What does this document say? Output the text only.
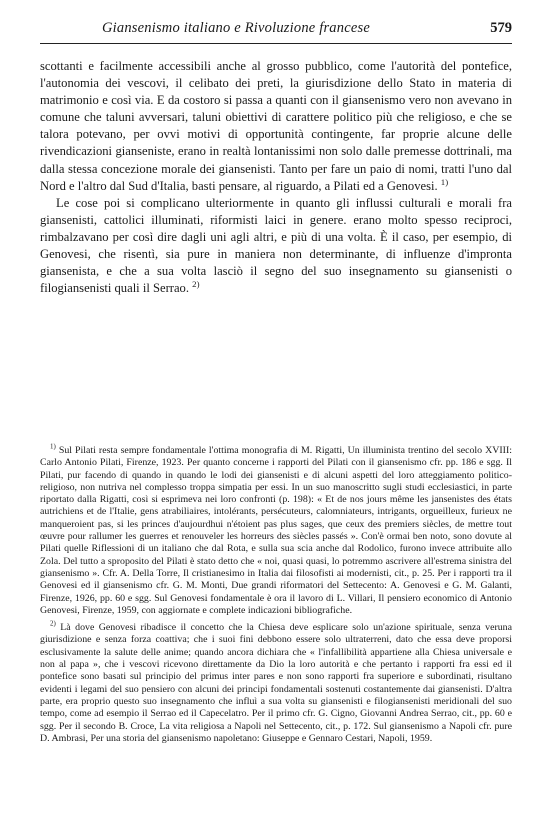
Giansenismo italiano e Rivoluzione francese	579

scottanti e facilmente accessibili anche al grosso pubblico, come l'autorità del pontefice, l'autonomia dei vescovi, il celibato dei preti, la giurisdizione dello Stato in materia di matrimonio e così via. E da costoro si passa a quanti con il giansenismo vero non avevano in comune che taluni avversari, taluni obiettivi di carattere politico più che religioso, e che se talora potevano, per ovvi motivi di opportunità contingente, far proprie alcune delle rivendicazioni gianseniste, erano in realtà lontanissimi non solo dalle premesse dottrinali, ma dalla stessa concezione morale dei giansenisti. Tanto per fare un paio di nomi, tratti l'uno dal Nord e l'altro dal Sud d'Italia, basti pensare, al riguardo, a Pilati ed a Genovesi. $^{1)}$

Le cose poi si complicano ulteriormente in quanto gli influssi culturali e morali fra giansenisti, cattolici illuminati, riformisti laici in genere. erano molto spesso reciproci, rimbalzavano per così dire dagli uni agli altri, e più di una volta. È il caso, per esempio, di Genovesi, che risentì, sia pure in maniera non determinante, di influenze d'impronta giansenista, e che a sua volta lasciò il segno del suo insegnamento su giansenisti o filogiansenisti quali il Serrao. $^{2)}$

$^{1)}$ Sul Pilati resta sempre fondamentale l'ottima monografia di M. Rigatti, Un illuminista trentino del secolo XVIII: Carlo Antonio Pilati, Firenze, 1923. Per quanto concerne i rapporti del Pilati con il giansenismo cfr. pp. 186 e sgg. Il Pilati, pur facendo di quando in quando le lodi dei giansenisti e di alcuni aspetti del loro atteggiamento politico-religioso, non nutriva nel complesso troppa simpatia per essi. In un suo manoscritto sugli studi ecclesiastici, in parte riportato dalla Rigatti, così si esprimeva nei loro confronti (p. 198): « Et de nos jours même les jansenistes des états autrichiens et de l'Italie, gens atrabiliaires, intolérants, persécuteurs, calomniateurs, intrigants, orgueilleux, furieux ne manqueroient pas, si les princes d'aujourdhui n'étoient pas plus sages, que ceux des premiers siècles, de mettre tout œuvre pour rallumer les guerres et renouveler les horreurs des siècles passés ». Con'è ormai ben noto, sono dovute al Pilati quelle Riflessioni di un italiano che dal Rota, e sulla sua scia anche dal Rodolico, furono invece attribuite allo Zola. Del tutto a sproposito del Pilati è stato detto che « noi, quasi quasi, lo potremmo ascrivere all'estrema sinistra del giansenismo ». Cfr. A. Della Torre, Il cristianesimo in Italia dai filosofisti ai modernisti, cit., p. 25. Per i rapporti tra il Genovesi ed il giansenismo cfr. G. M. Monti, Due grandi riformatori del Settecento: A. Genovesi e G. M. Galanti, Firenze, 1926, pp. 60 e sgg. Sul Genovesi fondamentale è ora il lavoro di L. Villari, Il pensiero economico di Antonio Genovesi, Firenze, 1959, con aggiornate e complete indicazioni bibliografiche.

$^{2)}$ Là dove Genovesi ribadisce il concetto che la Chiesa deve esplicare solo un'azione spirituale, senza veruna giurisdizione e senza forza coattiva; che i suoi fini debbono essere solo ultraterreni, dato che essa deve proporsi esclusivamente la salute delle anime; quando ancora dichiara che « l'infallibilità appartiene alla Chiesa universale e non al papa », che i vescovi ricevono direttamente da Dio la loro autorità e che pertanto i rapporti fra essi ed il pontefice sono basati sul principio del primus inter pares e non sono rapporti fra superiore e subordinati, risultano evidenti i legami del suo pensiero con alcuni dei principi fondamentali sostenuti costantemente dai giansenisti. D'altra parte, era proprio questo suo insegnamento che influì a sua volta su giansenisti e filogiansenisti meridionali del suo tempo, come ad esempio il Serrao ed il Capecelatro. Per il primo cfr. G. Cigno, Giovanni Andrea Serrao, cit., pp. 60 e sgg. Per il secondo B. Croce, La vita religiosa a Napoli nel Settecento, cit., p. 172. Sul giansenismo a Napoli cfr. pure D. Ambrasi, Per una storia del giansenismo napoletano: Giuseppe e Gennaro Cestari, Napoli, 1959.
